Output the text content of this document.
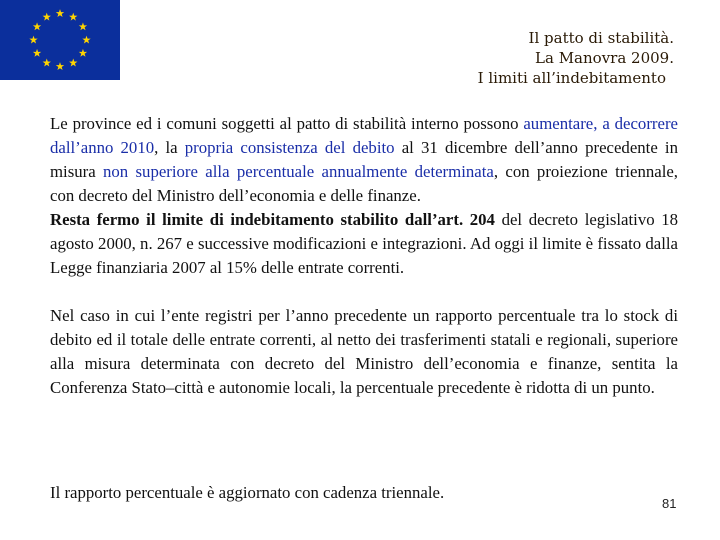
Il patto di stabilità.
La Manovra 2009.
I limiti all’indebitamento

Le province ed i comuni soggetti al patto di stabilità interno possono aumentare, a decorrere dall’anno 2010, la propria consistenza del debito al 31 dicembre dell’anno precedente in misura non superiore alla percentuale annualmente determinata, con proiezione triennale, con decreto del Ministro dell’economia e delle finanze.
Resta fermo il limite di indebitamento stabilito dall’art. 204 del decreto legislativo 18 agosto 2000, n. 267 e successive modificazioni e integrazioni. Ad oggi il limite è fissato dalla Legge finanziaria 2007 al 15% delle entrate correnti.

Nel caso in cui l’ente registri per l’anno precedente un rapporto percentuale tra lo stock di debito ed il totale delle entrate correnti, al netto dei trasferimenti statali e regionali, superiore alla misura determinata con decreto del Ministro dell’economia e finanze, sentita la Conferenza Stato–città e autonomie locali, la percentuale precedente è ridotta di un punto.

Il rapporto percentuale è aggiornato con cadenza triennale.
81
